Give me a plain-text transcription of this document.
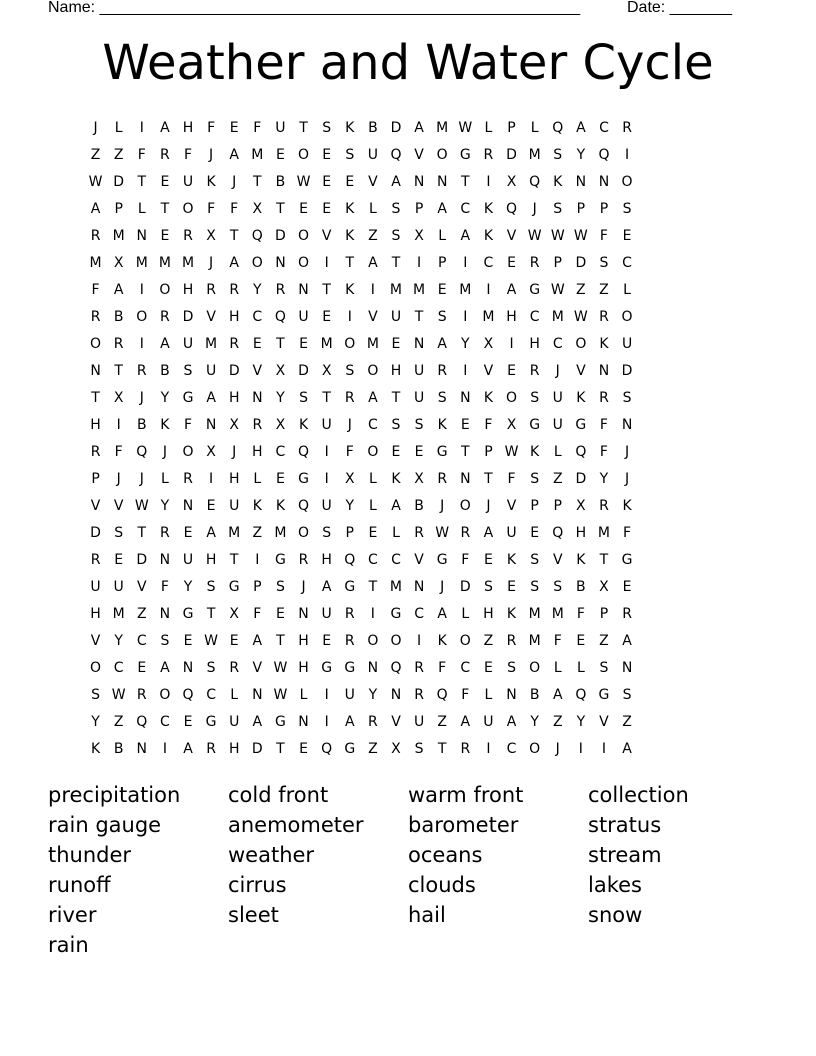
Name: ______________________________________________________	Date: _______
Weather and Water Cycle
J	L	I	A H F	E	F U T	S	K B D A M W L	P	L Q A C R
Z Z	F	R	F	J	A M E O E	S U Q V O G R D M S	Y Q	I
W D T	E U K	J	T	B W E	E V A N N T	I	X Q K N N O
A	P	L	T O F	F	X	T	E	E	K	L	S	P	A C K Q	J	S	P	P	S
R M N E R X	T Q D O V K Z S X	L	A K V W W W F	E
M X M M M	J	A O N O	I	T	A	T	I	P	I	C E R	P D S C
F	A	I	O H R R Y R N T	K	I	M M E M	I	A G W Z Z	L
R B O R D V H C Q U E	I	V U T	S	I	M H C M W R O
O R	I	A U M R E	T	E M O M E N A	Y	X	I	H C O K U
N T R B S U D V X D X S O H U R	I	V E R	J	V N D
T	X	J	Y G A H N Y	S	T R A	T U S N K O S U K R S
H	I	B K	F N X R X K U	J	C S	S	K	E	F	X G U G F N
R	F Q	J	O X	J	H C Q	I	F O E	E G T	P W K	L Q F	J
P	J	J	L	R	I	H L	E G	I	X	L	K X R N T	F	S Z D Y	J
V V W Y N E U K K Q U Y	L	A B	J	O	J	V	P	P	X R K
D S	T R E A M Z M O S	P	E	L	R W R A U E Q H M F
R E D N U H T	I	G R H Q C C V G F	E	K	S V K	T G
U U V	F	Y	S G P	S	J	A G T M N	J	D S	E	S	S B X E
H M Z N G T	X	F	E N U R	I	G C A	L H K M M F	P	R
V	Y C S	E W E A	T H E R O O	I	K O Z R M F	E Z A
O C E A N S R V W H G G N Q R	F	C E	S O L	L	S N
S W R O Q C	L N W L	I	U Y N R Q F	L N B A Q G S
Y	Z Q C E G U A G N	I	A R V U Z A U A	Y	Z	Y	V Z
K B N	I	A R H D T	E Q G Z X S	T R	I	C O	J	I	I	A
precipitation	cold front	warm front	collection
rain gauge	anemometer	barometer	stratus
thunder	weather	oceans	stream
runoff	cirrus	clouds	lakes
river	sleet	hail	snow
rain
